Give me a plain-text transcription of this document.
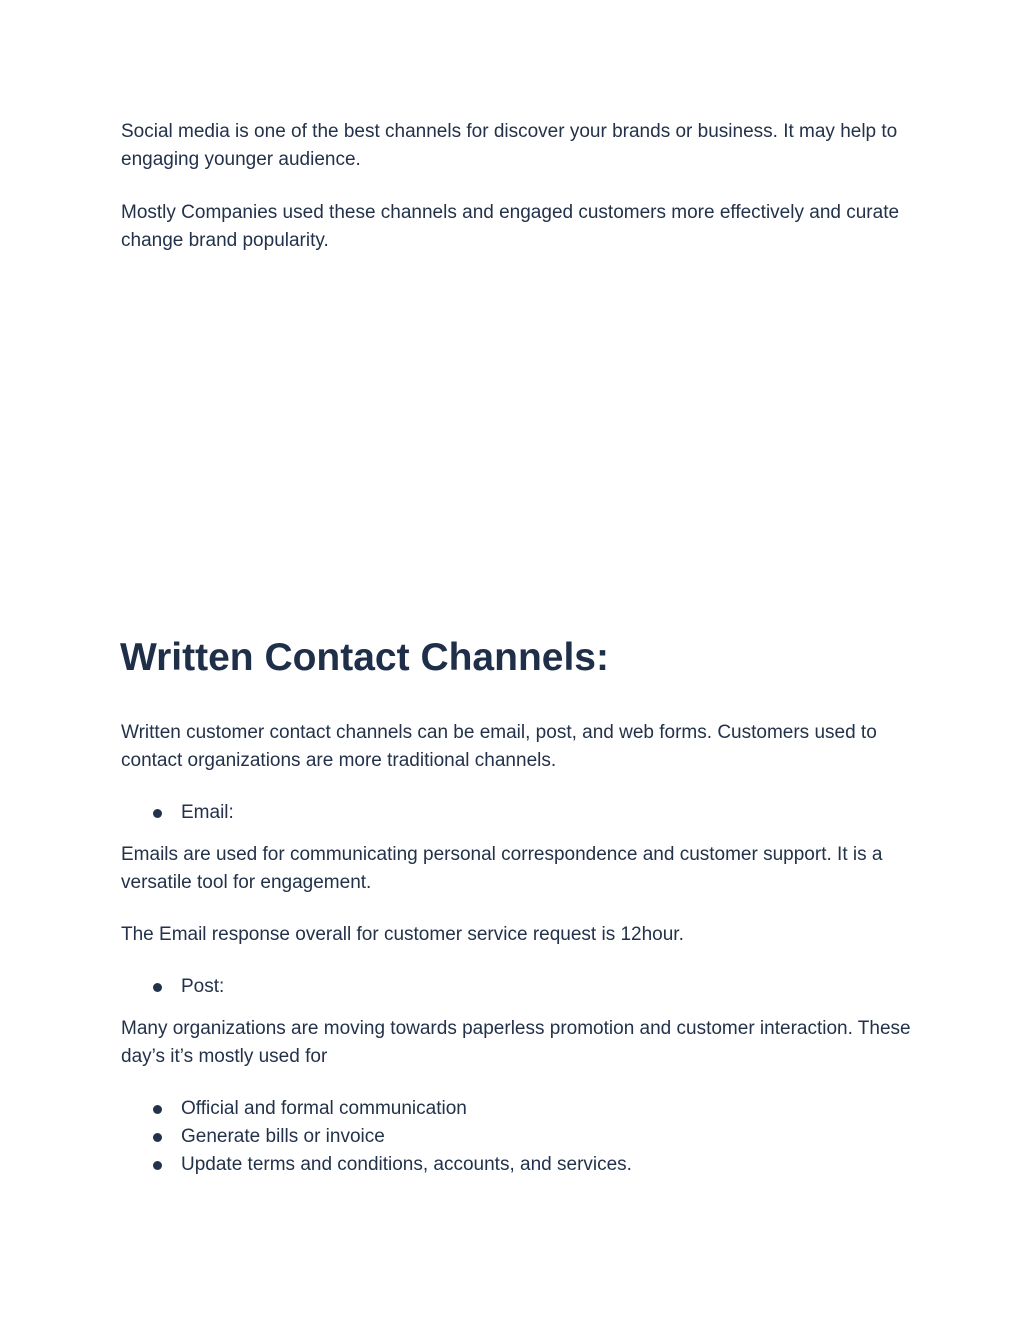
Social media is one of the best channels for discover your brands or business. It may help to engaging younger audience.

Mostly Companies used these channels and engaged customers more effectively and curate change brand popularity.

Written Contact Channels:

Written customer contact channels can be email, post, and web forms. Customers used to contact organizations are more traditional channels.

Email:

Emails are used for communicating personal correspondence and customer support. It is a versatile tool for engagement.

The Email response overall for customer service request is 12hour.

Post:

Many organizations are moving towards paperless promotion and customer interaction. These day’s it’s mostly used for

Official and formal communication
Generate bills or invoice
Update terms and conditions, accounts, and services.
